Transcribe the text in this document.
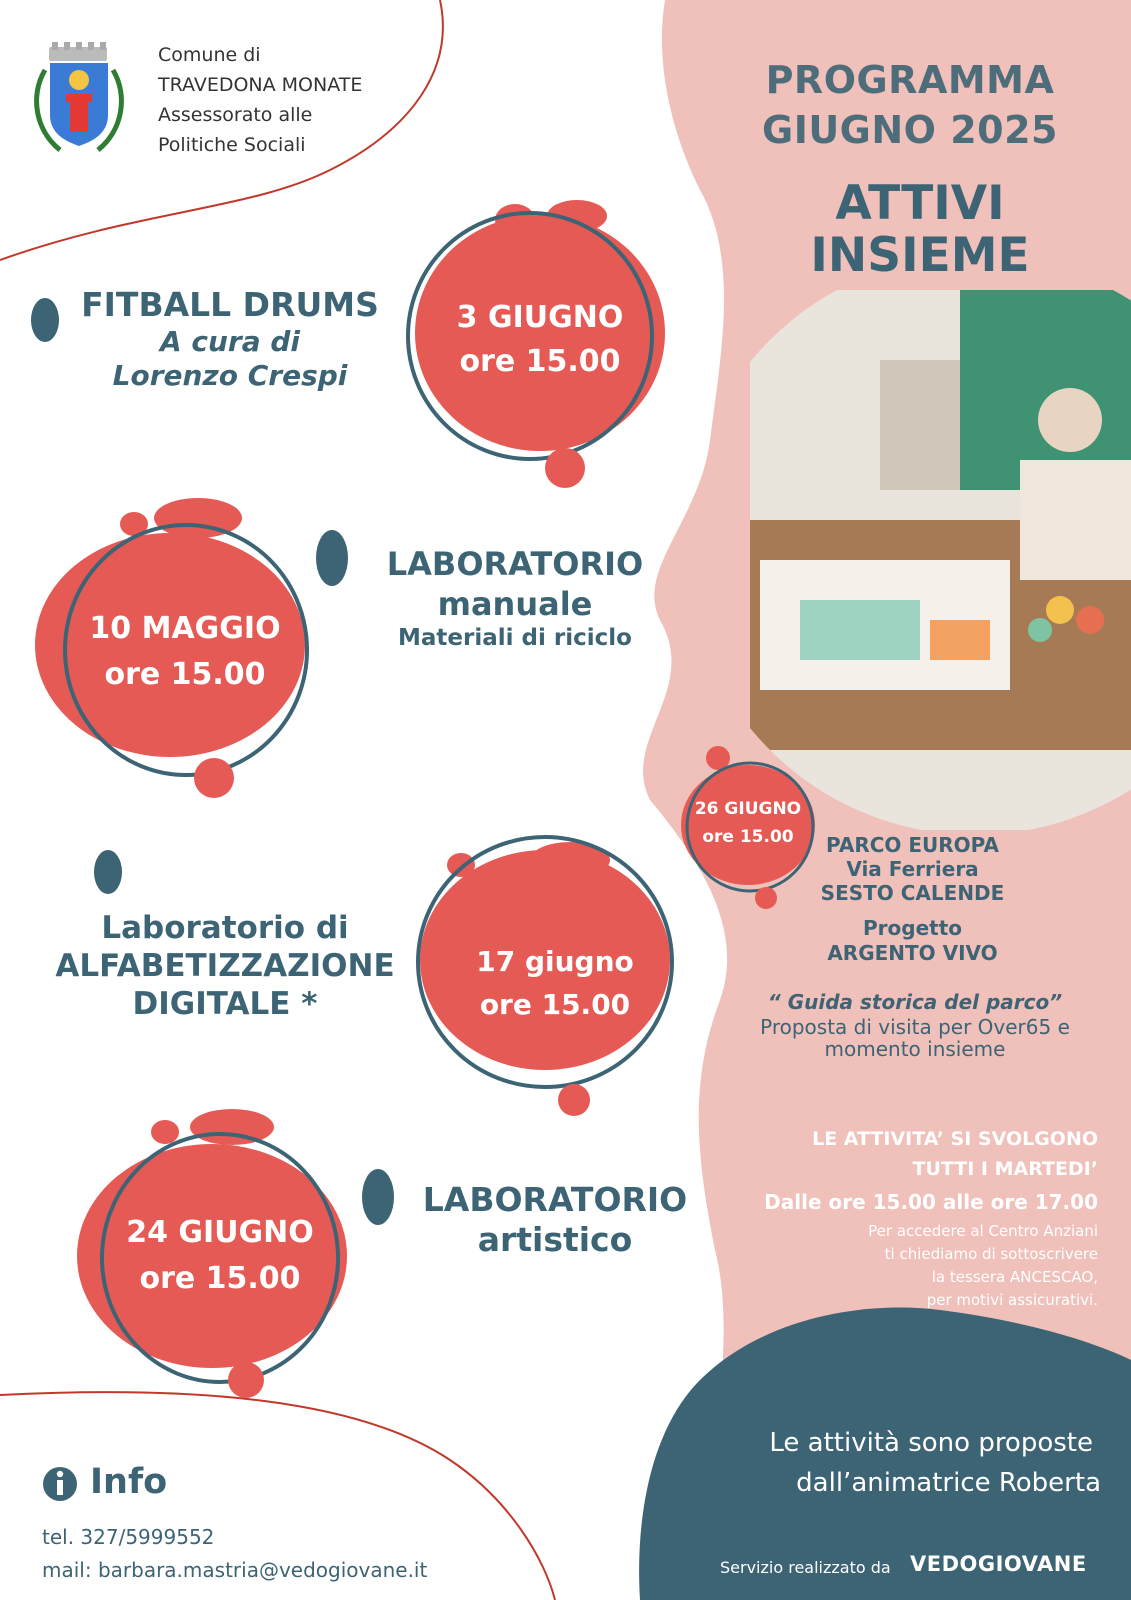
Comune di
TRAVEDONA MONATE
Assessorato alle
Politiche Sociali
PROGRAMMA
GIUGNO 2025
ATTIVI
INSIEME
3 GIUGNO
ore 15.00
FITBALL DRUMS
A cura di
Lorenzo Crespi
10 MAGGIO
ore 15.00
LABORATORIO
manuale
Materiali di riciclo
17 giugno
ore 15.00
Laboratorio di
ALFABETIZZAZIONE
DIGITALE *
24 GIUGNO
ore 15.00
LABORATORIO
artistico
26 GIUGNO
ore 15.00	PARCO EUROPA
Via Ferriera
SESTO CALENDE
Progetto
ARGENTO VIVO
“ Guida storica del parco”
Proposta di visita per Over65 e
momento insieme
LE ATTIVITA’ SI SVOLGONO
TUTTI I MARTEDI’
Dalle ore 15.00 alle ore 17.00
Per accedere al Centro Anziani
ti chiediamo di sottoscrivere
la tessera ANCESCAO,
per motivi assicurativi.
Le attività sono proposte
dall’animatrice Roberta
Servizio realizzato da VEDOGIOVANE
Info
tel. 327/5999552
mail: barbara.mastria@vedogiovane.it
